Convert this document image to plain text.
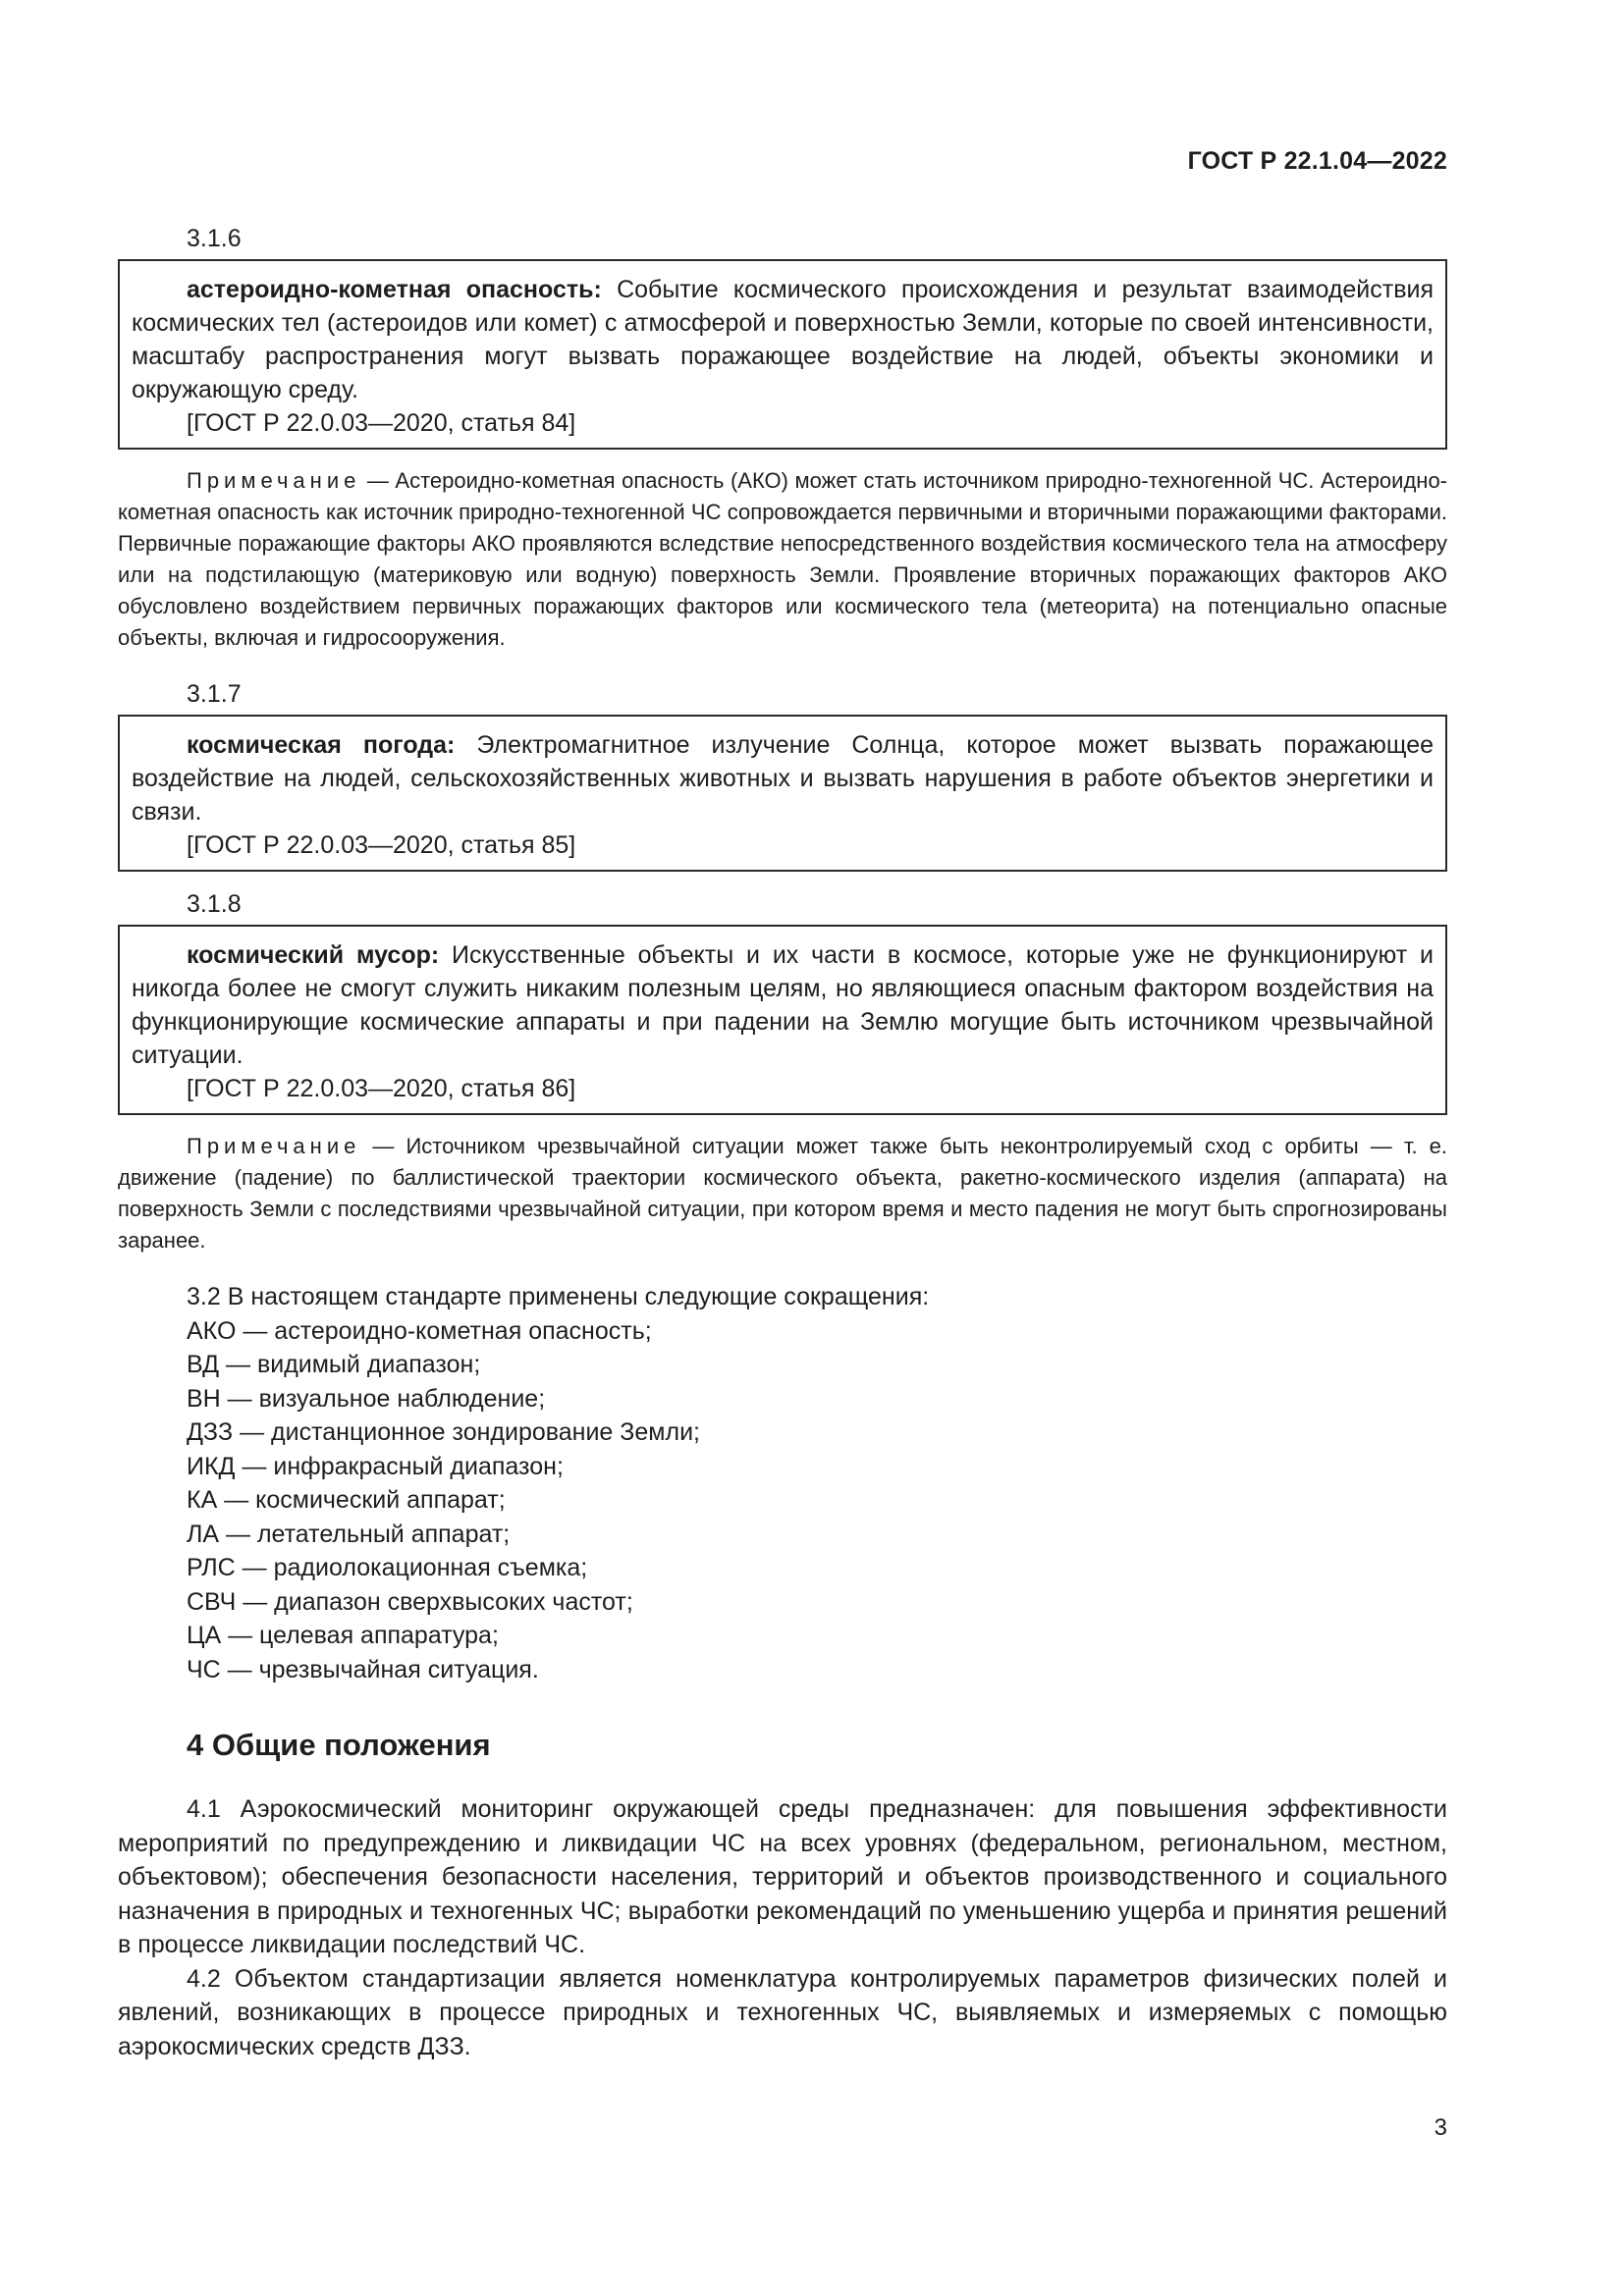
ГОСТ Р 22.1.04—2022
3.1.6

астероидно-кометная опасность: Событие космического происхождения и результат взаимодействия космических тел (астероидов или комет) с атмосферой и поверхностью Земли, которые по своей интенсивности, масштабу распространения могут вызвать поражающее воздействие на людей, объекты экономики и окружающую среду.

[ГОСТ Р 22.0.03—2020, статья 84]

Примечание — Астероидно-кометная опасность (АКО) может стать источником природно-техногенной ЧС. Астероидно-кометная опасность как источник природно-техногенной ЧС сопровождается первичными и вторичными поражающими факторами. Первичные поражающие факторы АКО проявляются вследствие непосредственного воздействия космического тела на атмосферу или на подстилающую (материковую или водную) поверхность Земли. Проявление вторичных поражающих факторов АКО обусловлено воздействием первичных поражающих факторов или космического тела (метеорита) на потенциально опасные объекты, включая и гидросооружения.

3.1.7

космическая погода: Электромагнитное излучение Солнца, которое может вызвать поражающее воздействие на людей, сельскохозяйственных животных и вызвать нарушения в работе объектов энергетики и связи.

[ГОСТ Р 22.0.03—2020, статья 85]

3.1.8

космический мусор: Искусственные объекты и их части в космосе, которые уже не функционируют и никогда более не смогут служить никаким полезным целям, но являющиеся опасным фактором воздействия на функционирующие космические аппараты и при падении на Землю могущие быть источником чрезвычайной ситуации.

[ГОСТ Р 22.0.03—2020, статья 86]

Примечание — Источником чрезвычайной ситуации может также быть неконтролируемый сход с орбиты — т. е. движение (падение) по баллистической траектории космического объекта, ракетно-космического изделия (аппарата) на поверхность Земли с последствиями чрезвычайной ситуации, при котором время и место падения не могут быть спрогнозированы заранее.

3.2 В настоящем стандарте применены следующие сокращения:

АКО — астероидно-кометная опасность;
ВД — видимый диапазон;
ВН — визуальное наблюдение;
ДЗЗ — дистанционное зондирование Земли;
ИКД — инфракрасный диапазон;
КА — космический аппарат;
ЛА — летательный аппарат;
РЛС — радиолокационная съемка;
СВЧ — диапазон сверхвысоких частот;
ЦА — целевая аппаратура;
ЧС — чрезвычайная ситуация.
4 Общие положения

4.1 Аэрокосмический мониторинг окружающей среды предназначен: для повышения эффективности мероприятий по предупреждению и ликвидации ЧС на всех уровнях (федеральном, региональном, местном, объектовом); обеспечения безопасности населения, территорий и объектов производственного и социального назначения в природных и техногенных ЧС; выработки рекомендаций по уменьшению ущерба и принятия решений в процессе ликвидации последствий ЧС.

4.2 Объектом стандартизации является номенклатура контролируемых параметров физических полей и явлений, возникающих в процессе природных и техногенных ЧС, выявляемых и измеряемых с помощью аэрокосмических средств ДЗЗ.

3
